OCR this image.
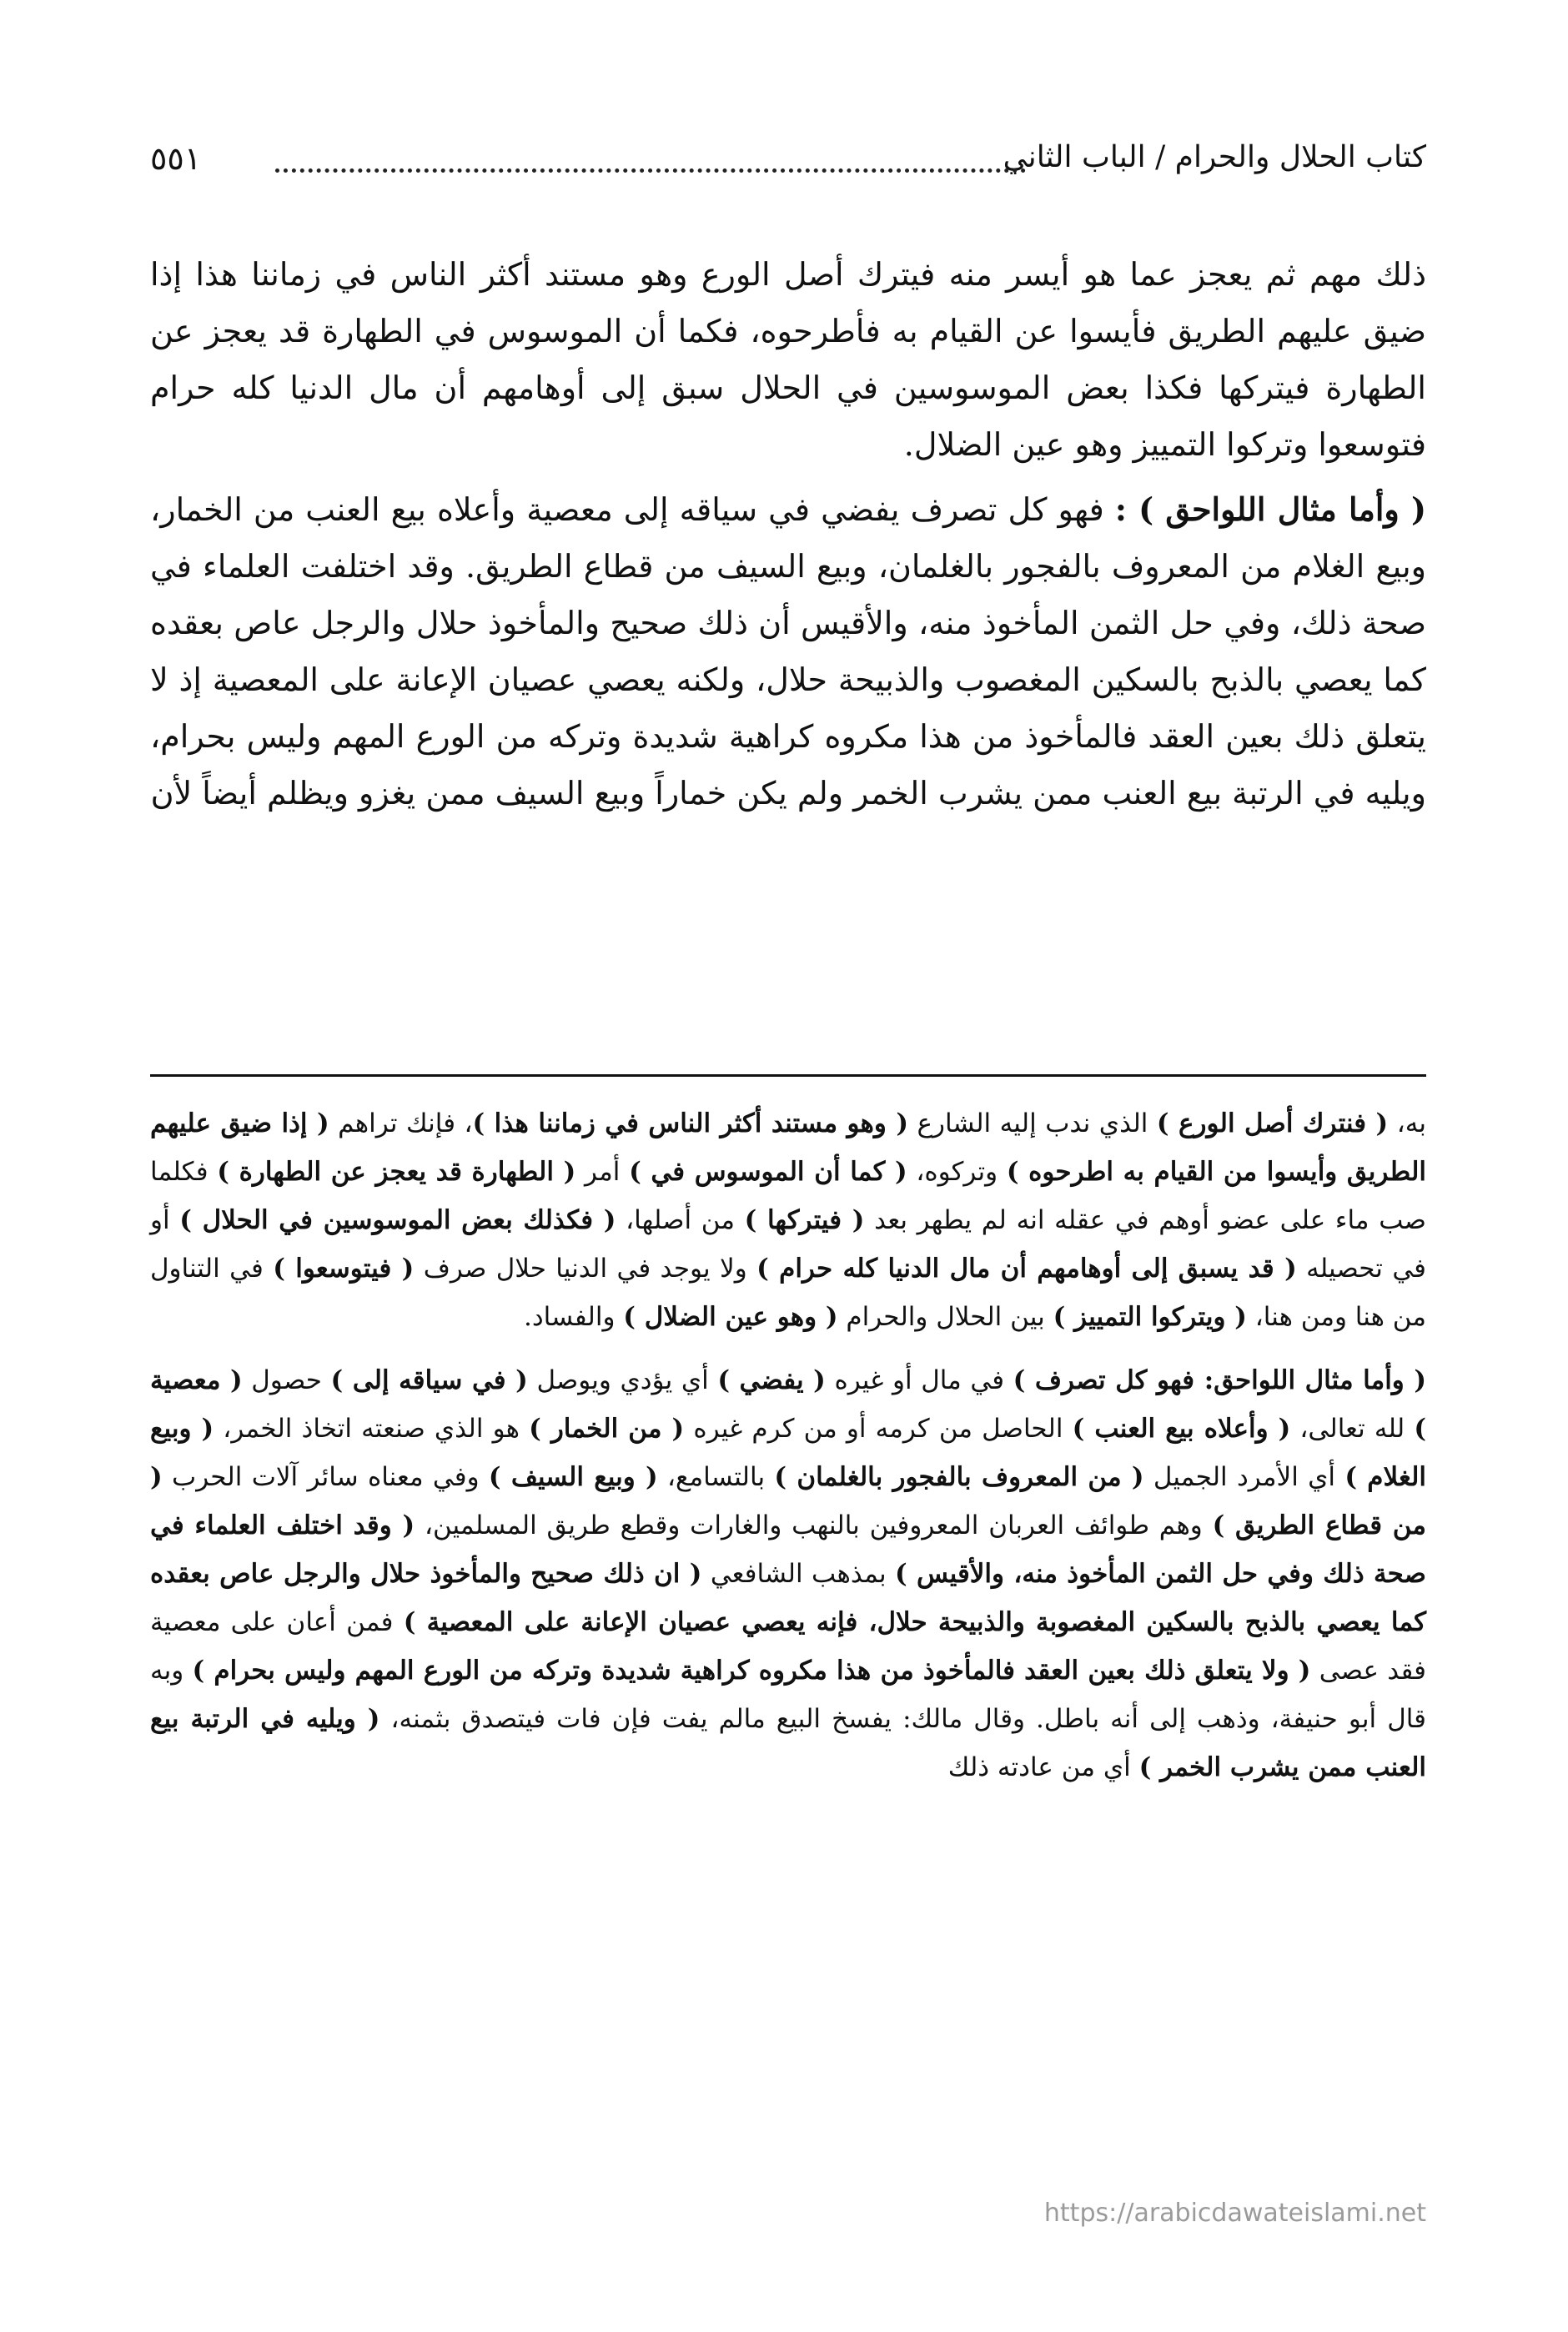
كتاب الحلال والحرام / الباب الثاني
٥٥١

ذلك مهم ثم يعجز عما هو أيسر منه فيترك أصل الورع وهو مستند أكثر الناس في زماننا هذا إذا ضيق عليهم الطريق فأيسوا عن القيام به فأطرحوه، فكما أن الموسوس في الطهارة قد يعجز عن الطهارة فيتركها فكذا بعض الموسوسين في الحلال سبق إلى أوهامهم أن مال الدنيا كله حرام فتوسعوا وتركوا التمييز وهو عين الضلال.

( وأما مثال اللواحق ) : فهو كل تصرف يفضي في سياقه إلى معصية وأعلاه بيع العنب من الخمار، وبيع الغلام من المعروف بالفجور بالغلمان، وبيع السيف من قطاع الطريق. وقد اختلفت العلماء في صحة ذلك، وفي حل الثمن المأخوذ منه، والأقيس أن ذلك صحيح والمأخوذ حلال والرجل عاص بعقده كما يعصي بالذبح بالسكين المغصوب والذبيحة حلال، ولكنه يعصي عصيان الإعانة على المعصية إذ لا يتعلق ذلك بعين العقد فالمأخوذ من هذا مكروه كراهية شديدة وتركه من الورع المهم وليس بحرام، ويليه في الرتبة بيع العنب ممن يشرب الخمر ولم يكن خماراً وبيع السيف ممن يغزو ويظلم أيضاً لأن

به، ( فنترك أصل الورع ) الذي ندب إليه الشارع ( وهو مستند أكثر الناس في زماننا هذا )، فإنك تراهم ( إذا ضيق عليهم الطريق وأيسوا من القيام به اطرحوه ) وتركوه، ( كما أن الموسوس في ) أمر ( الطهارة قد يعجز عن الطهارة ) فكلما صب ماء على عضو أوهم في عقله انه لم يطهر بعد ( فيتركها ) من أصلها، ( فكذلك بعض الموسوسين في الحلال ) أو في تحصيله ( قد يسبق إلى أوهامهم أن مال الدنيا كله حرام ) ولا يوجد في الدنيا حلال صرف ( فيتوسعوا ) في التناول من هنا ومن هنا، ( ويتركوا التمييز ) بين الحلال والحرام ( وهو عين الضلال ) والفساد.

( وأما مثال اللواحق: فهو كل تصرف ) في مال أو غيره ( يفضي ) أي يؤدي ويوصل ( في سياقه إلى ) حصول ( معصية ) لله تعالى، ( وأعلاه بيع العنب ) الحاصل من كرمه أو من كرم غيره ( من الخمار ) هو الذي صنعته اتخاذ الخمر، ( وبيع الغلام ) أي الأمرد الجميل ( من المعروف بالفجور بالغلمان ) بالتسامع، ( وبيع السيف ) وفي معناه سائر آلات الحرب ( من قطاع الطريق ) وهم طوائف العربان المعروفين بالنهب والغارات وقطع طريق المسلمين، ( وقد اختلف العلماء في صحة ذلك وفي حل الثمن المأخوذ منه، والأقيس ) بمذهب الشافعي ( ان ذلك صحيح والمأخوذ حلال والرجل عاص بعقده كما يعصي بالذبح بالسكين المغصوبة والذبيحة حلال، فإنه يعصي عصيان الإعانة على المعصية ) فمن أعان على معصية فقد عصى ( ولا يتعلق ذلك بعين العقد فالمأخوذ من هذا مكروه كراهية شديدة وتركه من الورع المهم وليس بحرام ) وبه قال أبو حنيفة، وذهب إلى أنه باطل. وقال مالك: يفسخ البيع مالم يفت فإن فات فيتصدق بثمنه، ( ويليه في الرتبة بيع العنب ممن يشرب الخمر ) أي من عادته ذلك

https://arabicdawateislami.net
